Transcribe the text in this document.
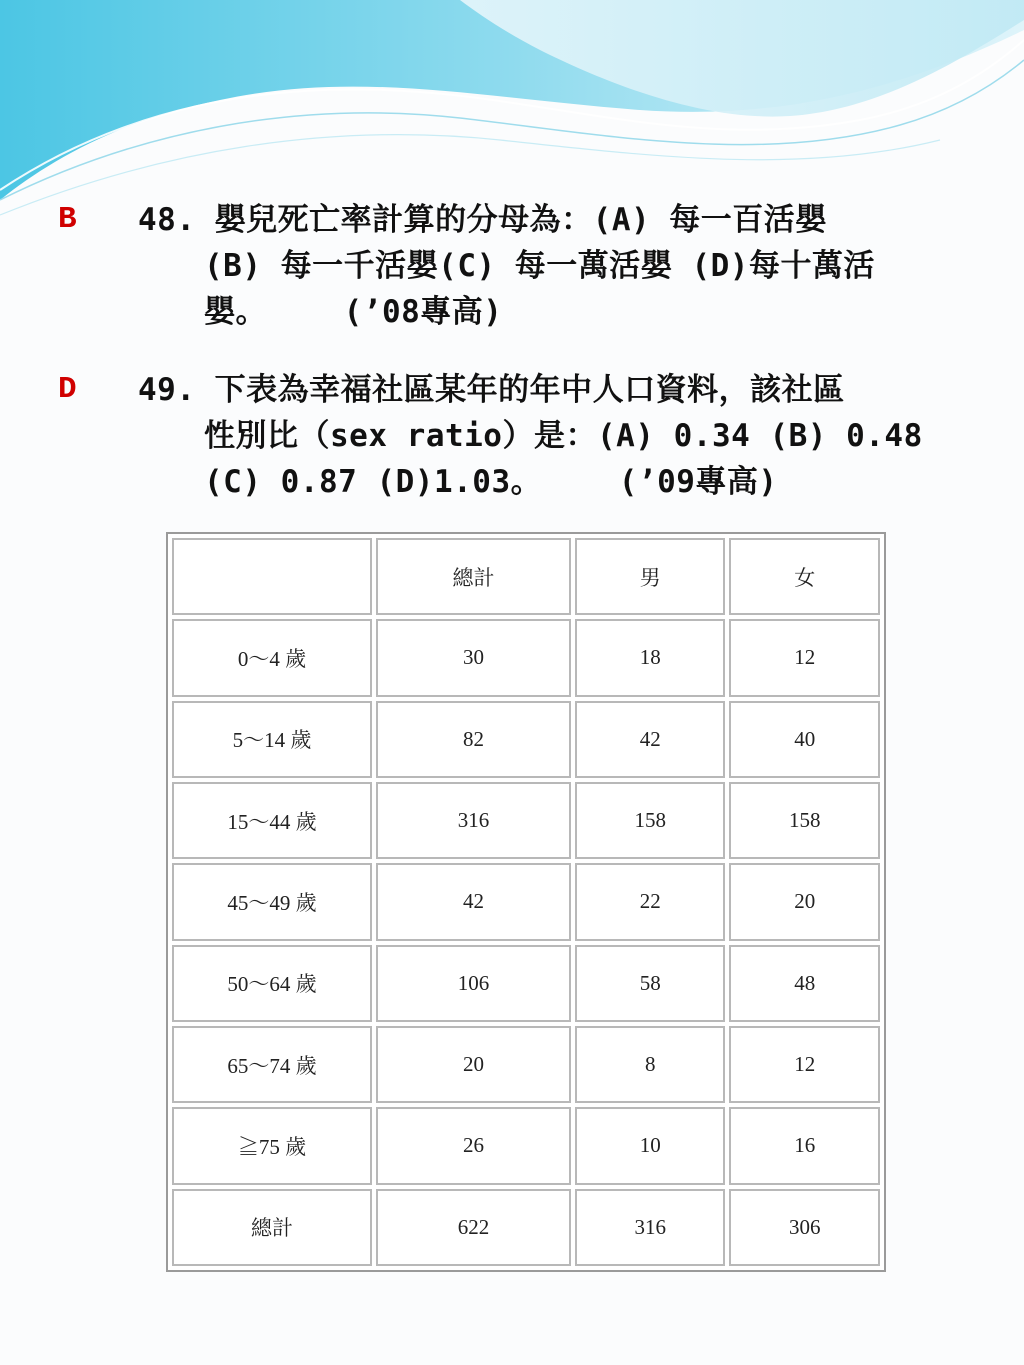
B 48. 嬰兒死亡率計算的分母為：(A) 每一百活嬰
(B) 每一千活嬰(C) 每一萬活嬰 (D)每十萬活
嬰。    (’08專高)
D 49. 下表為幸福社區某年的年中人口資料，該社區
性別比（sex ratio）是：(A) 0.34 (B) 0.48
(C) 0.87 (D)1.03。    (’09專高)
	總計	男	女
0～4 歲	30	18	12
5～14 歲	82	42	40
15～44 歲	316	158	158
45～49 歲	42	22	20
50～64 歲	106	58	48
65～74 歲	20	8	12
≧75 歲	26	10	16
總計	622	316	306
